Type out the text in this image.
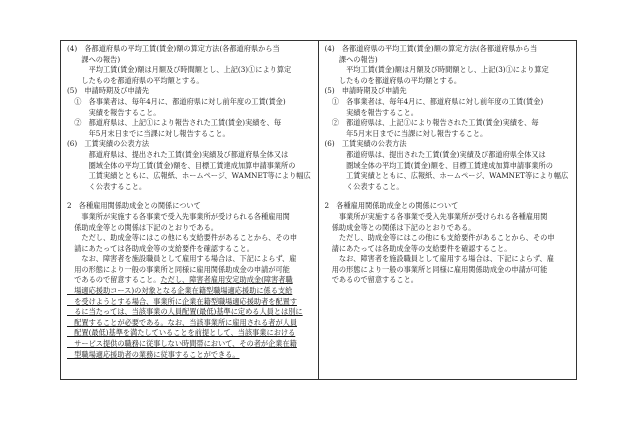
(4)　各都道府県の平均工賃(賃金)額の算定方法(各都道府県から当

　　課への報告)

　　　平均工賃(賃金)額は月額及び時間額とし、上記(3)①により算定

　　したものを都道府県の平均額とする。

(5)　申請時期及び申請先

　①　各事業者は、毎年4月に、都道府県に対し前年度の工賃(賃金)

　　　実績を報告すること。

　②　都道府県は、上記①により報告された工賃(賃金)実績を、毎

　　　年5月末日までに当課に対し報告すること。

(6)　工賃実績の公表方法

　　　都道府県は、提出された工賃(賃金)実績及び都道府県全体又は

　　　圏域全体の平均工賃(賃金)額を、目標工賃達成加算申請事業所の

　　　工賃実績とともに、広報紙、ホームページ、WAMNET等により幅広

　　　く公表すること。

2　各種雇用関係助成金との関係について

　　事業所が実施する各事業で受入先事業所が受けられる各種雇用関

　係助成金等との関係は下記のとおりである。

　　ただし、助成金等にはこの他にも支給要件があることから、その申

　請にあたっては各助成金等の支給要件を確認すること。

　　なお、障害者を施設職員として雇用する場合は、下記によらず、雇

　用の形態により一般の事業所と同様に雇用関係助成金の申請が可能

　であるので留意すること。ただし、障害者雇用安定助成金(障害者職

　場適応援助コース)の対象となる企業在籍型職場適応援助に係る支給

　を受けようとする場合、事業所に企業在籍型職場適応援助者を配置す

　るに当たっては、当該事業の人員配置(最低)基準に定める人員とは別に

　配置することが必要である。なお、当該事業所に雇用される者が人員

　配置(最低)基準を満たしていることを前提として、当該事業における

　サービス提供の職務に従事しない時間帯において、その者が企業在籍

　型職場適応援助者の業務に従事することができる。

(4)　各都道府県の平均工賃(賃金)額の算定方法(各都道府県から当

　　課への報告)

　　　平均工賃(賃金)額は月額及び時間額とし、上記(3)①により算定

　　したものを都道府県の平均額とする。

(5)　申請時期及び申請先

　①　各事業者は、毎年4月に、都道府県に対し前年度の工賃(賃金)

　　　実績を報告すること。

　②　都道府県は、上記①により報告された工賃(賃金)実績を、毎

　　　年5月末日までに当課に対し報告すること。

(6)　工賃実績の公表方法

　　　都道府県は、提出された工賃(賃金)実績及び都道府県全体又は

　　　圏域全体の平均工賃(賃金)額を、目標工賃達成加算申請事業所の

　　　工賃実績とともに、広報紙、ホームページ、WAMNET等により幅広

　　　く公表すること。

2　各種雇用関係助成金との関係について

　　事業所が実施する各事業で受入先事業所が受けられる各種雇用関

　係助成金等との関係は下記のとおりである。

　　ただし、助成金等にはこの他にも支給要件があることから、その申

　請にあたっては各助成金等の支給要件を確認すること。

　　なお、障害者を施設職員として雇用する場合は、下記によらず、雇

　用の形態により一般の事業所と同様に雇用関係助成金の申請が可能

　であるので留意すること。
